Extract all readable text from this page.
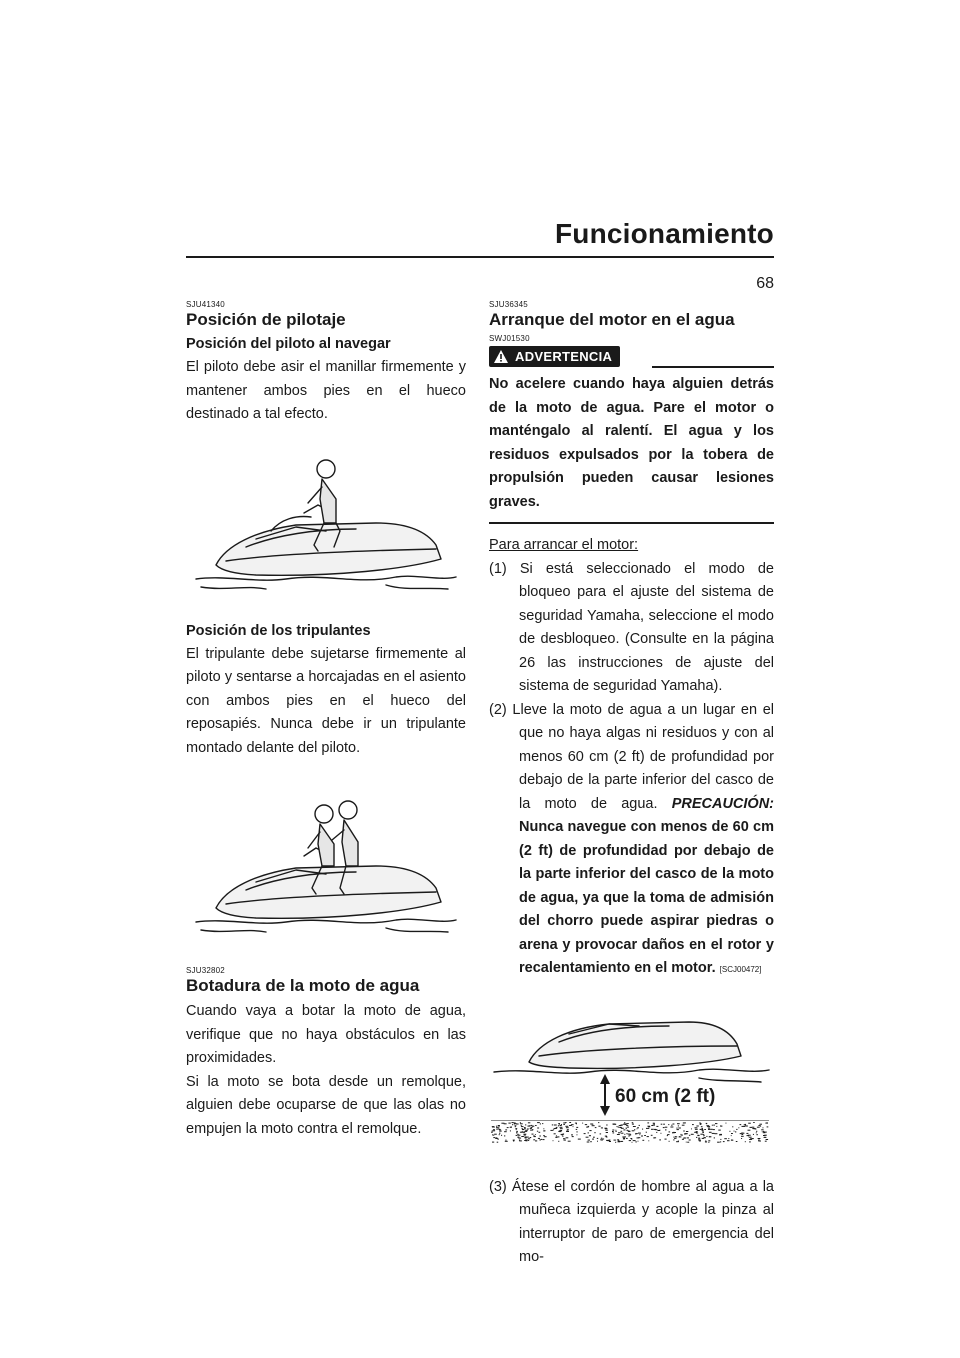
Funcionamiento
68

SJU41340

Posición de pilotaje
Posición del piloto al navegar

El piloto debe asir el manillar firmemente y mantener ambos pies en el hueco destinado a tal efecto.

Posición de los tripulantes

El tripulante debe sujetarse firmemente al piloto y sentarse a horcajadas en el asiento con ambos pies en el hueco del reposapiés. Nunca debe ir un tripulante montado delante del piloto.

SJU32802

Botadura de la moto de agua

Cuando vaya a botar la moto de agua, verifique que no haya obstáculos en las proximidades.

Si la moto se bota desde un remolque, alguien debe ocuparse de que las olas no empujen la moto contra el remolque.

SJU36345

Arranque del motor en el agua

SWJ01530

ADVERTENCIA
No acelere cuando haya alguien detrás de la moto de agua. Pare el motor o manténgalo al ralentí. El agua y los residuos expulsados por la tobera de propulsión pueden causar lesiones graves.

Para arrancar el motor:

(1) Si está seleccionado el modo de bloqueo para el ajuste del sistema de seguridad Yamaha, seleccione el modo de desbloqueo. (Consulte en la página 26 las instrucciones de ajuste del sistema de seguridad Yamaha).
(2) Lleve la moto de agua a un lugar en el que no haya algas ni residuos y con al menos 60 cm (2 ft) de profundidad por debajo de la parte inferior del casco de la moto de agua. PRECAUCIÓN: Nunca navegue con menos de 60 cm (2 ft) de profundidad por debajo de la parte inferior del casco de la moto de agua, ya que la toma de admisión del chorro puede aspirar piedras o arena y provocar daños en el rotor y recalentamiento en el motor. [SCJ00472]
60 cm (2 ft)
(3) Átese el cordón de hombre al agua a la muñeca izquierda y acople la pinza al interruptor de paro de emergencia del mo-
